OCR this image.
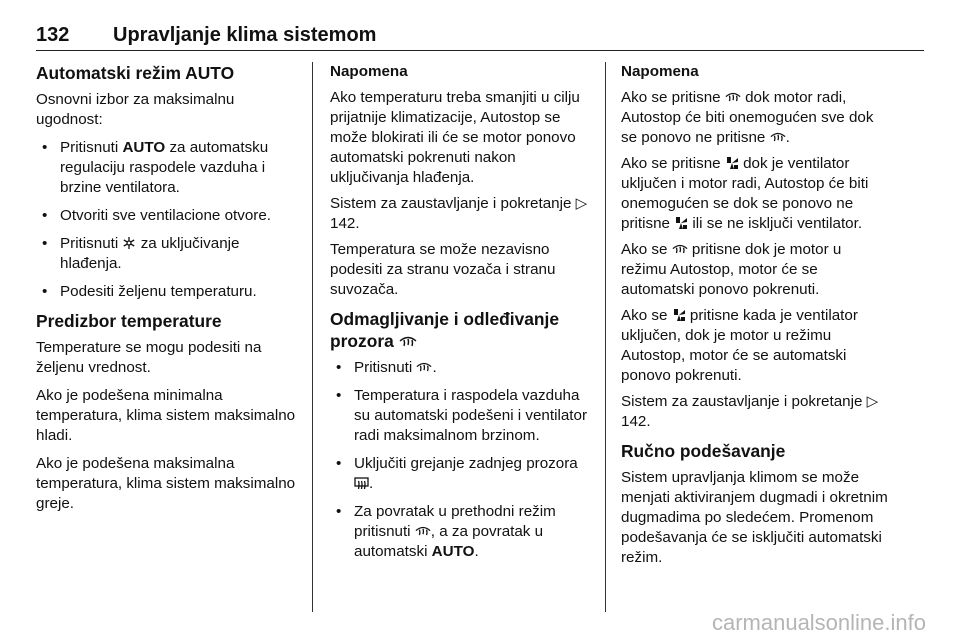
132 Upravljanje klima sistemom
Automatski režim AUTO

Osnovni izbor za maksimalnu ugodnost:

• Pritisnuti AUTO za automatsku regulaciju raspodele vazduha i brzine ventilatora.
• Otvoriti sve ventilacione otvore.
• Pritisnuti  za uključivanje hlađenja.
• Podesiti željenu temperaturu.
Predizbor temperature

Temperature se mogu podesiti na željenu vrednost.

Ako je podešena minimalna temperatura, klima sistem maksimalno hladi.

Ako je podešena maksimalna temperatura, klima sistem maksimalno greje.

Napomena

Ako temperaturu treba smanjiti u cilju prijatnije klimatizacije, Autostop se može blokirati ili će se motor ponovo automatski pokrenuti nakon uključivanja hlađenja.

Sistem za zaustavljanje i pokretanje ▷ 142.

Temperatura se može nezavisno podesiti za stranu vozača i stranu suvozača.

Odmagljivanje i odleđivanje prozora
• Pritisnuti .
• Temperatura i raspodela vazduha su automatski podešeni i ventilator radi maksimalnom brzinom.
• Uključiti grejanje zadnjeg prozora .
• Za povratak u prethodni režim pritisnuti , a za povratak u automatski AUTO.

Napomena

Ako se pritisne  dok motor radi, Autostop će biti onemogućen sve dok se ponovo ne pritisne .

Ako se pritisne  dok je ventilator uključen i motor radi, Autostop će biti onemogućen se dok se ponovo ne pritisne  ili se ne isključi ventilator.

Ako se  pritisne dok je motor u režimu Autostop, motor će se automatski ponovo pokrenuti.

Ako se  pritisne kada je ventilator uključen, dok je motor u režimu Autostop, motor će se automatski ponovo pokrenuti.

Sistem za zaustavljanje i pokretanje ▷ 142.

Ručno podešavanje

Sistem upravljanja klimom se može menjati aktiviranjem dugmadi i okretnim dugmadima po sledećem. Promenom podešavanja će se isključiti automatski režim.

carmanualsonline.info
